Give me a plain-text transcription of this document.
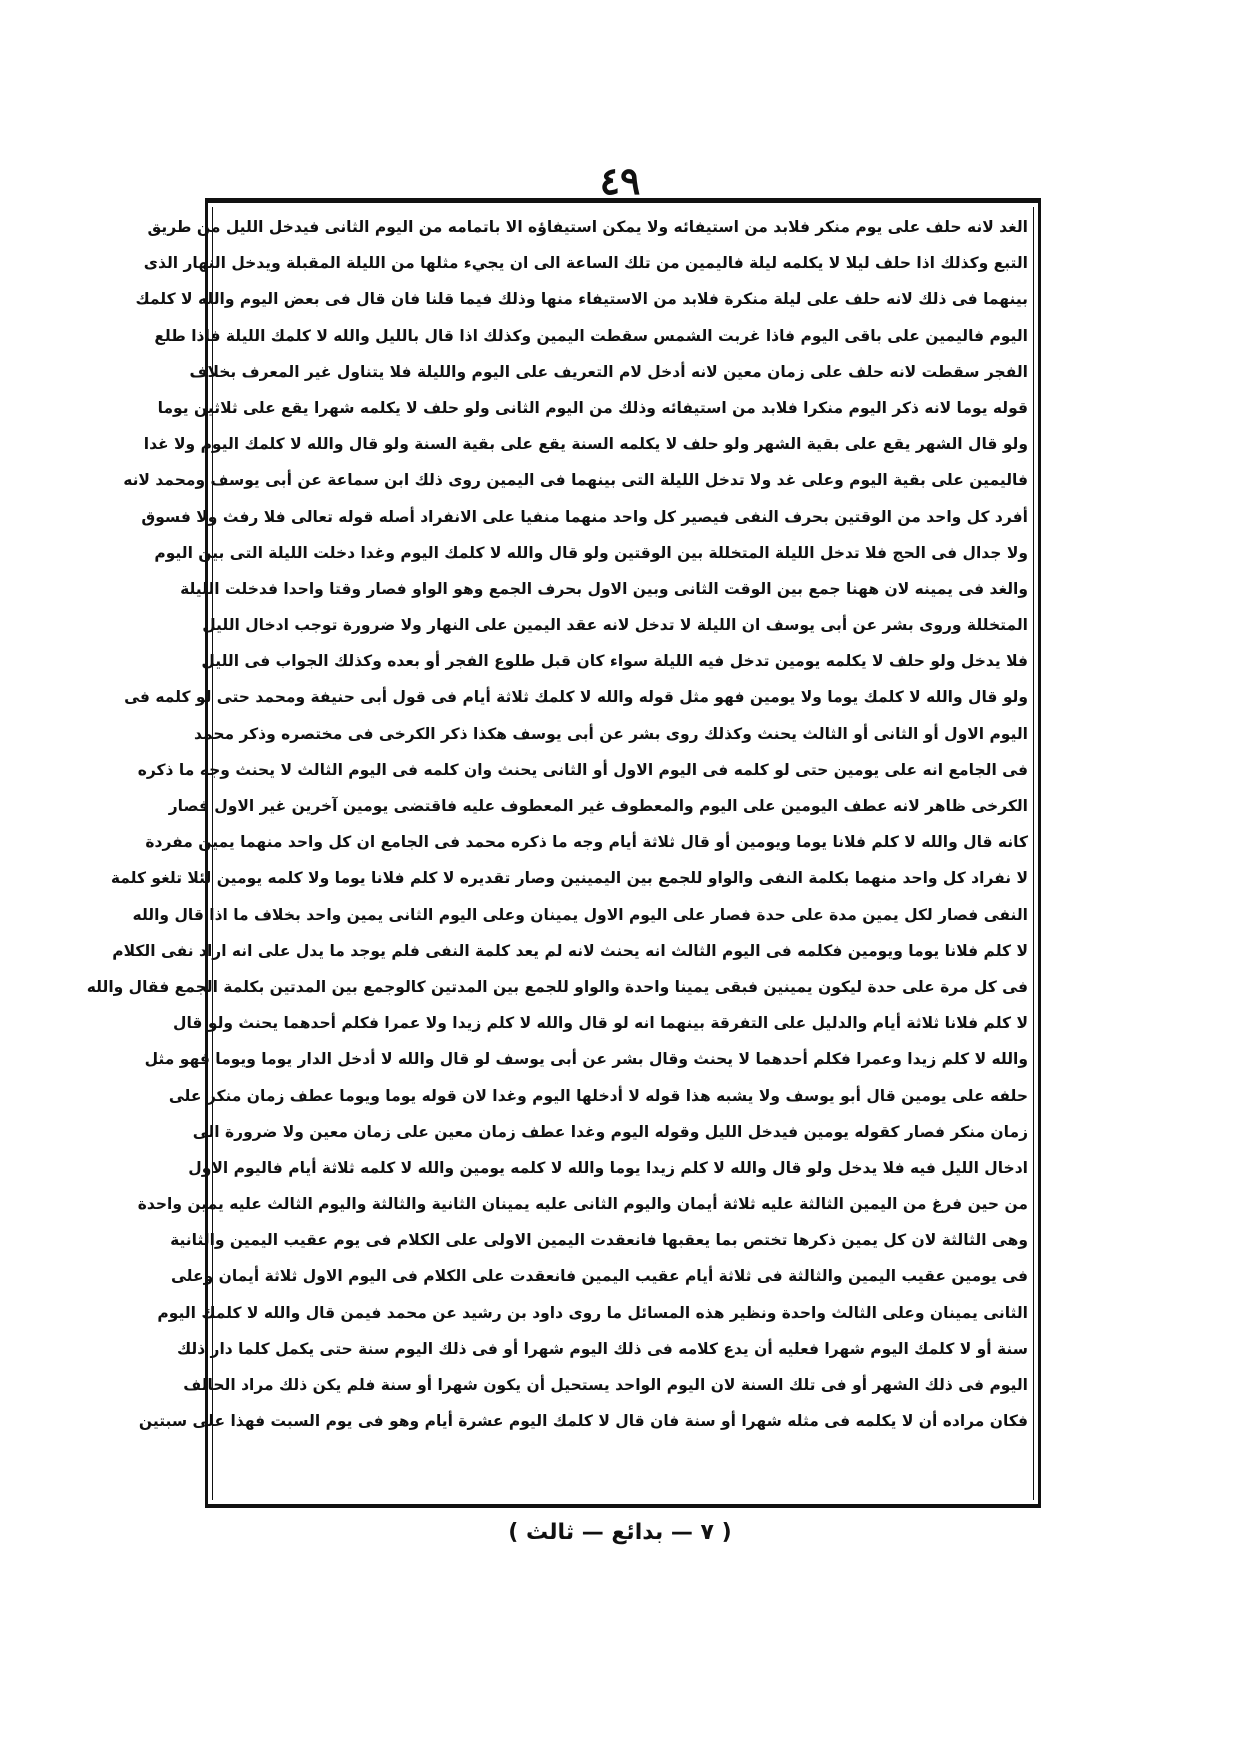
٤٩
الغد لانه حلف على يوم منكر فلابد من استيفائه ولا يمكن استيفاؤه الا باتمامه من اليوم الثانى فيدخل الليل من طريق
التبع وكذلك اذا حلف ليلا لا يكلمه ليلة فاليمين من تلك الساعة الى ان يجيء مثلها من الليلة المقبلة ويدخل النهار الذى
بينهما فى ذلك لانه حلف على ليلة منكرة فلابد من الاستيفاء منها وذلك فيما قلنا فان قال فى بعض اليوم والله لا كلمك
اليوم فاليمين على باقى اليوم فاذا غربت الشمس سقطت اليمين وكذلك اذا قال بالليل والله لا كلمك الليلة فاذا طلع
الفجر سقطت لانه حلف على زمان معين لانه أدخل لام التعريف على اليوم والليلة فلا يتناول غير المعرف بخلاف
قوله يوما لانه ذكر اليوم منكرا فلابد من استيفائه وذلك من اليوم الثانى ولو حلف لا يكلمه شهرا يقع على ثلاثين يوما
ولو قال الشهر يقع على بقية الشهر ولو حلف لا يكلمه السنة يقع على بقية السنة ولو قال والله لا كلمك اليوم ولا غدا
فاليمين على بقية اليوم وعلى غد ولا تدخل الليلة التى بينهما فى اليمين روى ذلك ابن سماعة عن أبى يوسف ومحمد لانه
أفرد كل واحد من الوقتين بحرف النفى فيصير كل واحد منهما منفيا على الانفراد أصله قوله تعالى فلا رفث ولا فسوق
ولا جدال فى الحج فلا تدخل الليلة المتخللة بين الوقتين ولو قال والله لا كلمك اليوم وغدا دخلت الليلة التى بين اليوم
والغد فى يمينه لان ههنا جمع بين الوقت الثانى وبين الاول بحرف الجمع وهو الواو فصار وقتا واحدا فدخلت الليلة
المتخللة وروى بشر عن أبى يوسف ان الليلة لا تدخل لانه عقد اليمين على النهار ولا ضرورة توجب ادخال الليل
فلا يدخل ولو حلف لا يكلمه يومين تدخل فيه الليلة سواء كان قبل طلوع الفجر أو بعده وكذلك الجواب فى الليل
ولو قال والله لا كلمك يوما ولا يومين فهو مثل قوله والله لا كلمك ثلاثة أيام فى قول أبى حنيفة ومحمد حتى لو كلمه فى
اليوم الاول أو الثانى أو الثالث يحنث وكذلك روى بشر عن أبى يوسف هكذا ذكر الكرخى فى مختصره وذكر محمد
فى الجامع انه على يومين حتى لو كلمه فى اليوم الاول أو الثانى يحنث وان كلمه فى اليوم الثالث لا يحنث وجه ما ذكره
الكرخى ظاهر لانه عطف اليومين على اليوم والمعطوف غير المعطوف عليه فاقتضى يومين آخرين غير الاول فصار
كانه قال والله لا كلم فلانا يوما ويومين أو قال ثلاثة أيام وجه ما ذكره محمد فى الجامع ان كل واحد منهما يمين مفردة
لا نفراد كل واحد منهما بكلمة النفى والواو للجمع بين اليمينين وصار تقديره لا كلم فلانا يوما ولا كلمه يومين لئلا تلغو كلمة
النفى فصار لكل يمين مدة على حدة فصار على اليوم الاول يمينان وعلى اليوم الثانى يمين واحد بخلاف ما اذا قال والله
لا كلم فلانا يوما ويومين فكلمه فى اليوم الثالث انه يحنث لانه لم يعد كلمة النفى فلم يوجد ما يدل على انه اراد نفى الكلام
فى كل مرة على حدة ليكون يمينين فبقى يمينا واحدة والواو للجمع بين المدتين كالوجمع بين المدتين بكلمة الجمع فقال والله
لا كلم فلانا ثلاثة أيام والدليل على التفرقة بينهما انه لو قال والله لا كلم زيدا ولا عمرا فكلم أحدهما يحنث ولو قال
والله لا كلم زيدا وعمرا فكلم أحدهما لا يحنث وقال بشر عن أبى يوسف لو قال والله لا أدخل الدار يوما ويوما فهو مثل
حلفه على يومين قال أبو يوسف ولا يشبه هذا قوله لا أدخلها اليوم وغدا لان قوله يوما ويوما عطف زمان منكر على
زمان منكر فصار كقوله يومين فيدخل الليل وقوله اليوم وغدا عطف زمان معين على زمان معين ولا ضرورة الى
ادخال الليل فيه فلا يدخل ولو قال والله لا كلم زيدا يوما والله لا كلمه يومين والله لا كلمه ثلاثة أيام فاليوم الاول
من حين فرغ من اليمين الثالثة عليه ثلاثة أيمان واليوم الثانى عليه يمينان الثانية والثالثة واليوم الثالث عليه يمين واحدة
وهى الثالثة لان كل يمين ذكرها تختص بما يعقبها فانعقدت اليمين الاولى على الكلام فى يوم عقيب اليمين والثانية
فى يومين عقيب اليمين والثالثة فى ثلاثة أيام عقيب اليمين فانعقدت على الكلام فى اليوم الاول ثلاثة أيمان وعلى
الثانى يمينان وعلى الثالث واحدة ونظير هذه المسائل ما روى داود بن رشيد عن محمد فيمن قال والله لا كلمك اليوم
سنة أو لا كلمك اليوم شهرا فعليه أن يدع كلامه فى ذلك اليوم شهرا أو فى ذلك اليوم سنة حتى يكمل كلما دار ذلك
اليوم فى ذلك الشهر أو فى تلك السنة لان اليوم الواحد يستحيل أن يكون شهرا أو سنة فلم يكن ذلك مراد الحالف
فكان مراده أن لا يكلمه فى مثله شهرا أو سنة فان قال لا كلمك اليوم عشرة أيام وهو فى يوم السبت فهذا على سبتين
( ٧ — بدائع — ثالث )
